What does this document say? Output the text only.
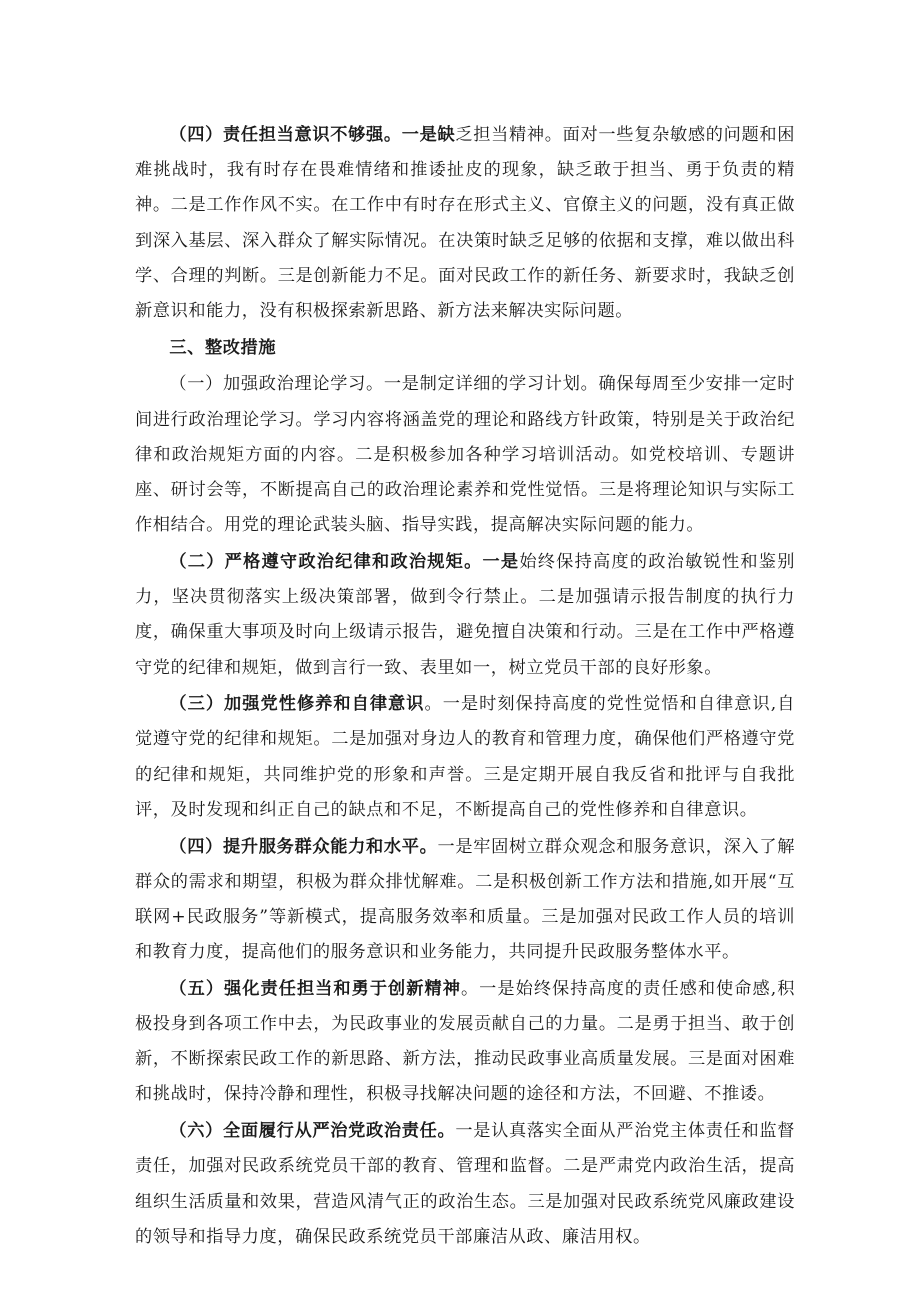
（四）责任担当意识不够强。一是缺乏担当精神。面对一些复杂敏感的问题和困难挑战时，我有时存在畏难情绪和推诿扯皮的现象，缺乏敢于担当、勇于负责的精神。二是工作作风不实。在工作中有时存在形式主义、官僚主义的问题，没有真正做到深入基层、深入群众了解实际情况。在决策时缺乏足够的依据和支撑，难以做出科学、合理的判断。三是创新能力不足。面对民政工作的新任务、新要求时，我缺乏创新意识和能力，没有积极探索新思路、新方法来解决实际问题。

三、整改措施

（一）加强政治理论学习。一是制定详细的学习计划。确保每周至少安排一定时间进行政治理论学习。学习内容将涵盖党的理论和路线方针政策，特别是关于政治纪律和政治规矩方面的内容。二是积极参加各种学习培训活动。如党校培训、专题讲座、研讨会等，不断提高自己的政治理论素养和党性觉悟。三是将理论知识与实际工作相结合。用党的理论武装头脑、指导实践，提高解决实际问题的能力。

（二）严格遵守政治纪律和政治规矩。一是始终保持高度的政治敏锐性和鉴别力，坚决贯彻落实上级决策部署，做到令行禁止。二是加强请示报告制度的执行力度，确保重大事项及时向上级请示报告，避免擅自决策和行动。三是在工作中严格遵守党的纪律和规矩，做到言行一致、表里如一，树立党员干部的良好形象。

（三）加强党性修养和自律意识。一是时刻保持高度的党性觉悟和自律意识,自觉遵守党的纪律和规矩。二是加强对身边人的教育和管理力度，确保他们严格遵守党的纪律和规矩，共同维护党的形象和声誉。三是定期开展自我反省和批评与自我批评，及时发现和纠正自己的缺点和不足，不断提高自己的党性修养和自律意识。

（四）提升服务群众能力和水平。一是牢固树立群众观念和服务意识，深入了解群众的需求和期望，积极为群众排忧解难。二是积极创新工作方法和措施,如开展“互联网+民政服务”等新模式，提高服务效率和质量。三是加强对民政工作人员的培训和教育力度，提高他们的服务意识和业务能力，共同提升民政服务整体水平。

（五）强化责任担当和勇于创新精神。一是始终保持高度的责任感和使命感,积极投身到各项工作中去，为民政事业的发展贡献自己的力量。二是勇于担当、敢于创新，不断探索民政工作的新思路、新方法，推动民政事业高质量发展。三是面对困难和挑战时，保持冷静和理性，积极寻找解决问题的途径和方法，不回避、不推诿。

（六）全面履行从严治党政治责任。一是认真落实全面从严治党主体责任和监督责任，加强对民政系统党员干部的教育、管理和监督。二是严肃党内政治生活，提高组织生活质量和效果，营造风清气正的政治生态。三是加强对民政系统党风廉政建设的领导和指导力度，确保民政系统党员干部廉洁从政、廉洁用权。
